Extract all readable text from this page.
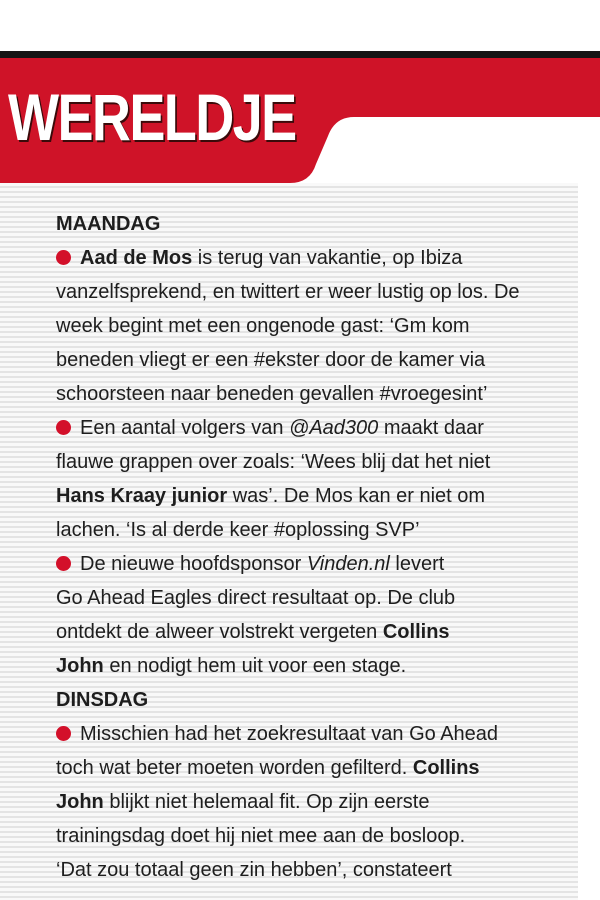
WERELDJE
MAANDAG
Aad de Mos is terug van vakantie, op Ibiza
vanzelfsprekend, en twittert er weer lustig op los. De
week begint met een ongenode gast: ‘Gm kom
beneden vliegt er een #ekster door de kamer via
schoorsteen naar beneden gevallen #vroegesint’
Een aantal volgers van @Aad300 maakt daar
flauwe grappen over zoals: ‘Wees blij dat het niet
Hans Kraay junior was’. De Mos kan er niet om
lachen. ‘Is al derde keer #oplossing SVP’
De nieuwe hoofdsponsor Vinden.nl levert
Go Ahead Eagles direct resultaat op. De club
ontdekt de alweer volstrekt vergeten Collins
John en nodigt hem uit voor een stage.
DINSDAG
Misschien had het zoekresultaat van Go Ahead
toch wat beter moeten worden gefilterd. Collins
John blijkt niet helemaal fit. Op zijn eerste
trainingsdag doet hij niet mee aan de bosloop.
‘Dat zou totaal geen zin hebben’, constateert
